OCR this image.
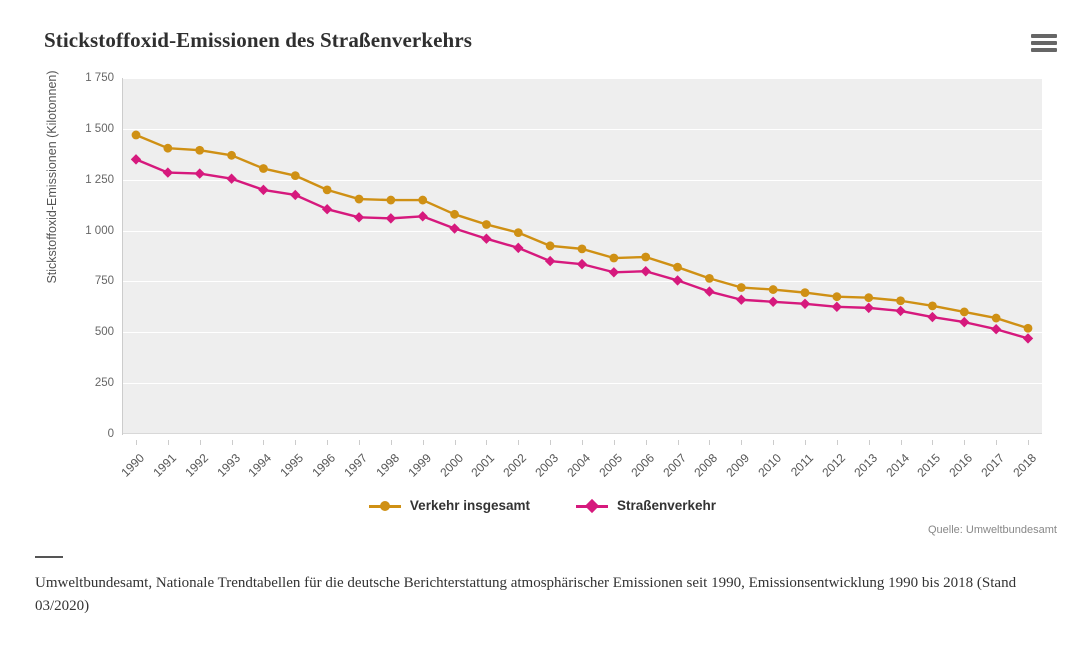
Stickstoffoxid-Emissionen des Straßenverkehrs
Stickstoffoxid-Emissionen (Kilotonnen)
0
250
500
750
1 000
1 250
1 500
1 750
1990 1991 1992 1993 1994 1995 1996 1997 1998 1999 2000 2001 2002 2003 2004 2005 2006 2007 2008 2009 2010 2011 2012 2013 2014 2015 2016 2017 2018
Verkehr insgesamt	Straßenverkehr
Quelle: Umweltbundesamt
Umweltbundesamt, Nationale Trendtabellen für die deutsche Berichterstattung atmosphärischer Emissionen seit 1990, Emissionsentwicklung 1990 bis 2018 (Stand 03/2020)
